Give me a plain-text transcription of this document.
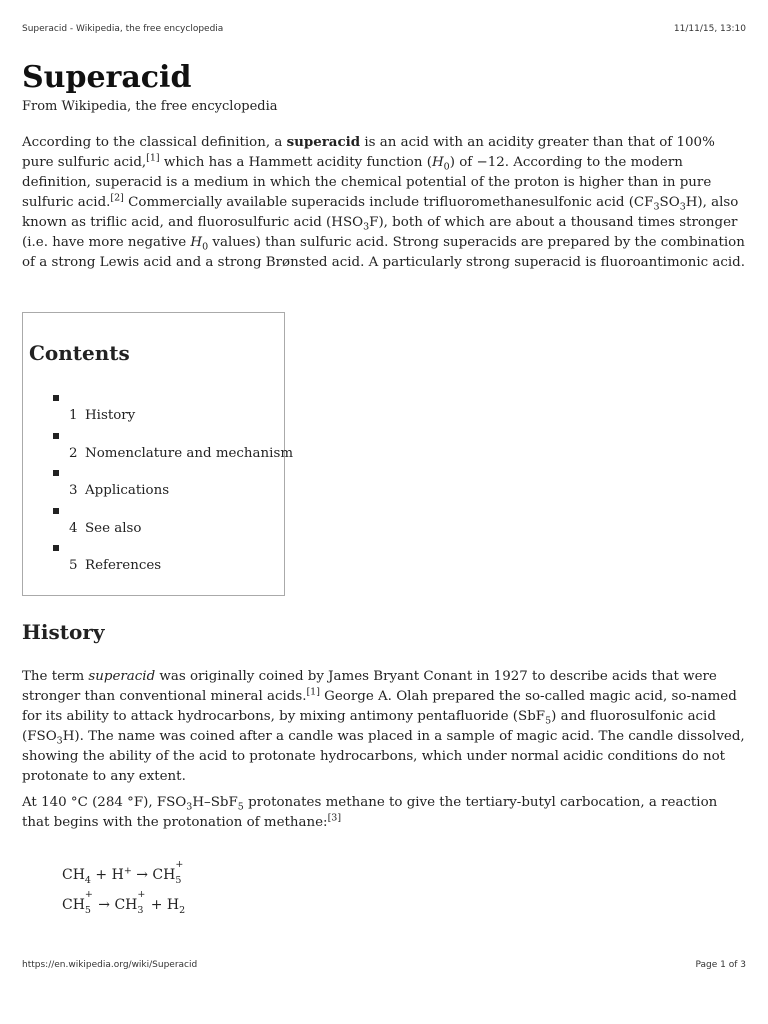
Superacid - Wikipedia, the free encyclopedia	11/11/15, 13:10
Superacid
From Wikipedia, the free encyclopedia

According to the classical definition, a superacid is an acid with an acidity greater than that of 100% pure sulfuric acid,[1] which has a Hammett acidity function $(H_0)$ of −12. According to the modern definition, superacid is a medium in which the chemical potential of the proton is higher than in pure sulfuric acid.[2] Commercially available superacids include trifluoromethanesulfonic acid $(CF_3SO_3H)$, also known as triflic acid, and fluorosulfuric acid $(HSO_3F)$, both of which are about a thousand times stronger (i.e. have more negative $H_0$ values) than sulfuric acid. Strong superacids are prepared by the combination of a strong Lewis acid and a strong Brønsted acid. A particularly strong superacid is fluoroantimonic acid.

Contents
1 History
2 Nomenclature and mechanism
3 Applications
4 See also
5 References
History

The term superacid was originally coined by James Bryant Conant in 1927 to describe acids that were stronger than conventional mineral acids.[1] George A. Olah prepared the so-called magic acid, so-named for its ability to attack hydrocarbons, by mixing antimony pentafluoride (SbF$_5$) and fluorosulfonic acid $(FSO_3H)$. The name was coined after a candle was placed in a sample of magic acid. The candle dissolved, showing the ability of the acid to protonate hydrocarbons, which under normal acidic conditions do not protonate to any extent.

At 140 °C (284 °F), $FSO_3H-SbF_5$ protonates methane to give the tertiary-butyl carbocation, a reaction that begins with the protonation of methane:[3]

$CH_4 + H^+$ → CH
+
5

CH
+
5 → CH
+
$3 + H_2$
https://en.wikipedia.org/wiki/Superacid	Page 1 of 3
